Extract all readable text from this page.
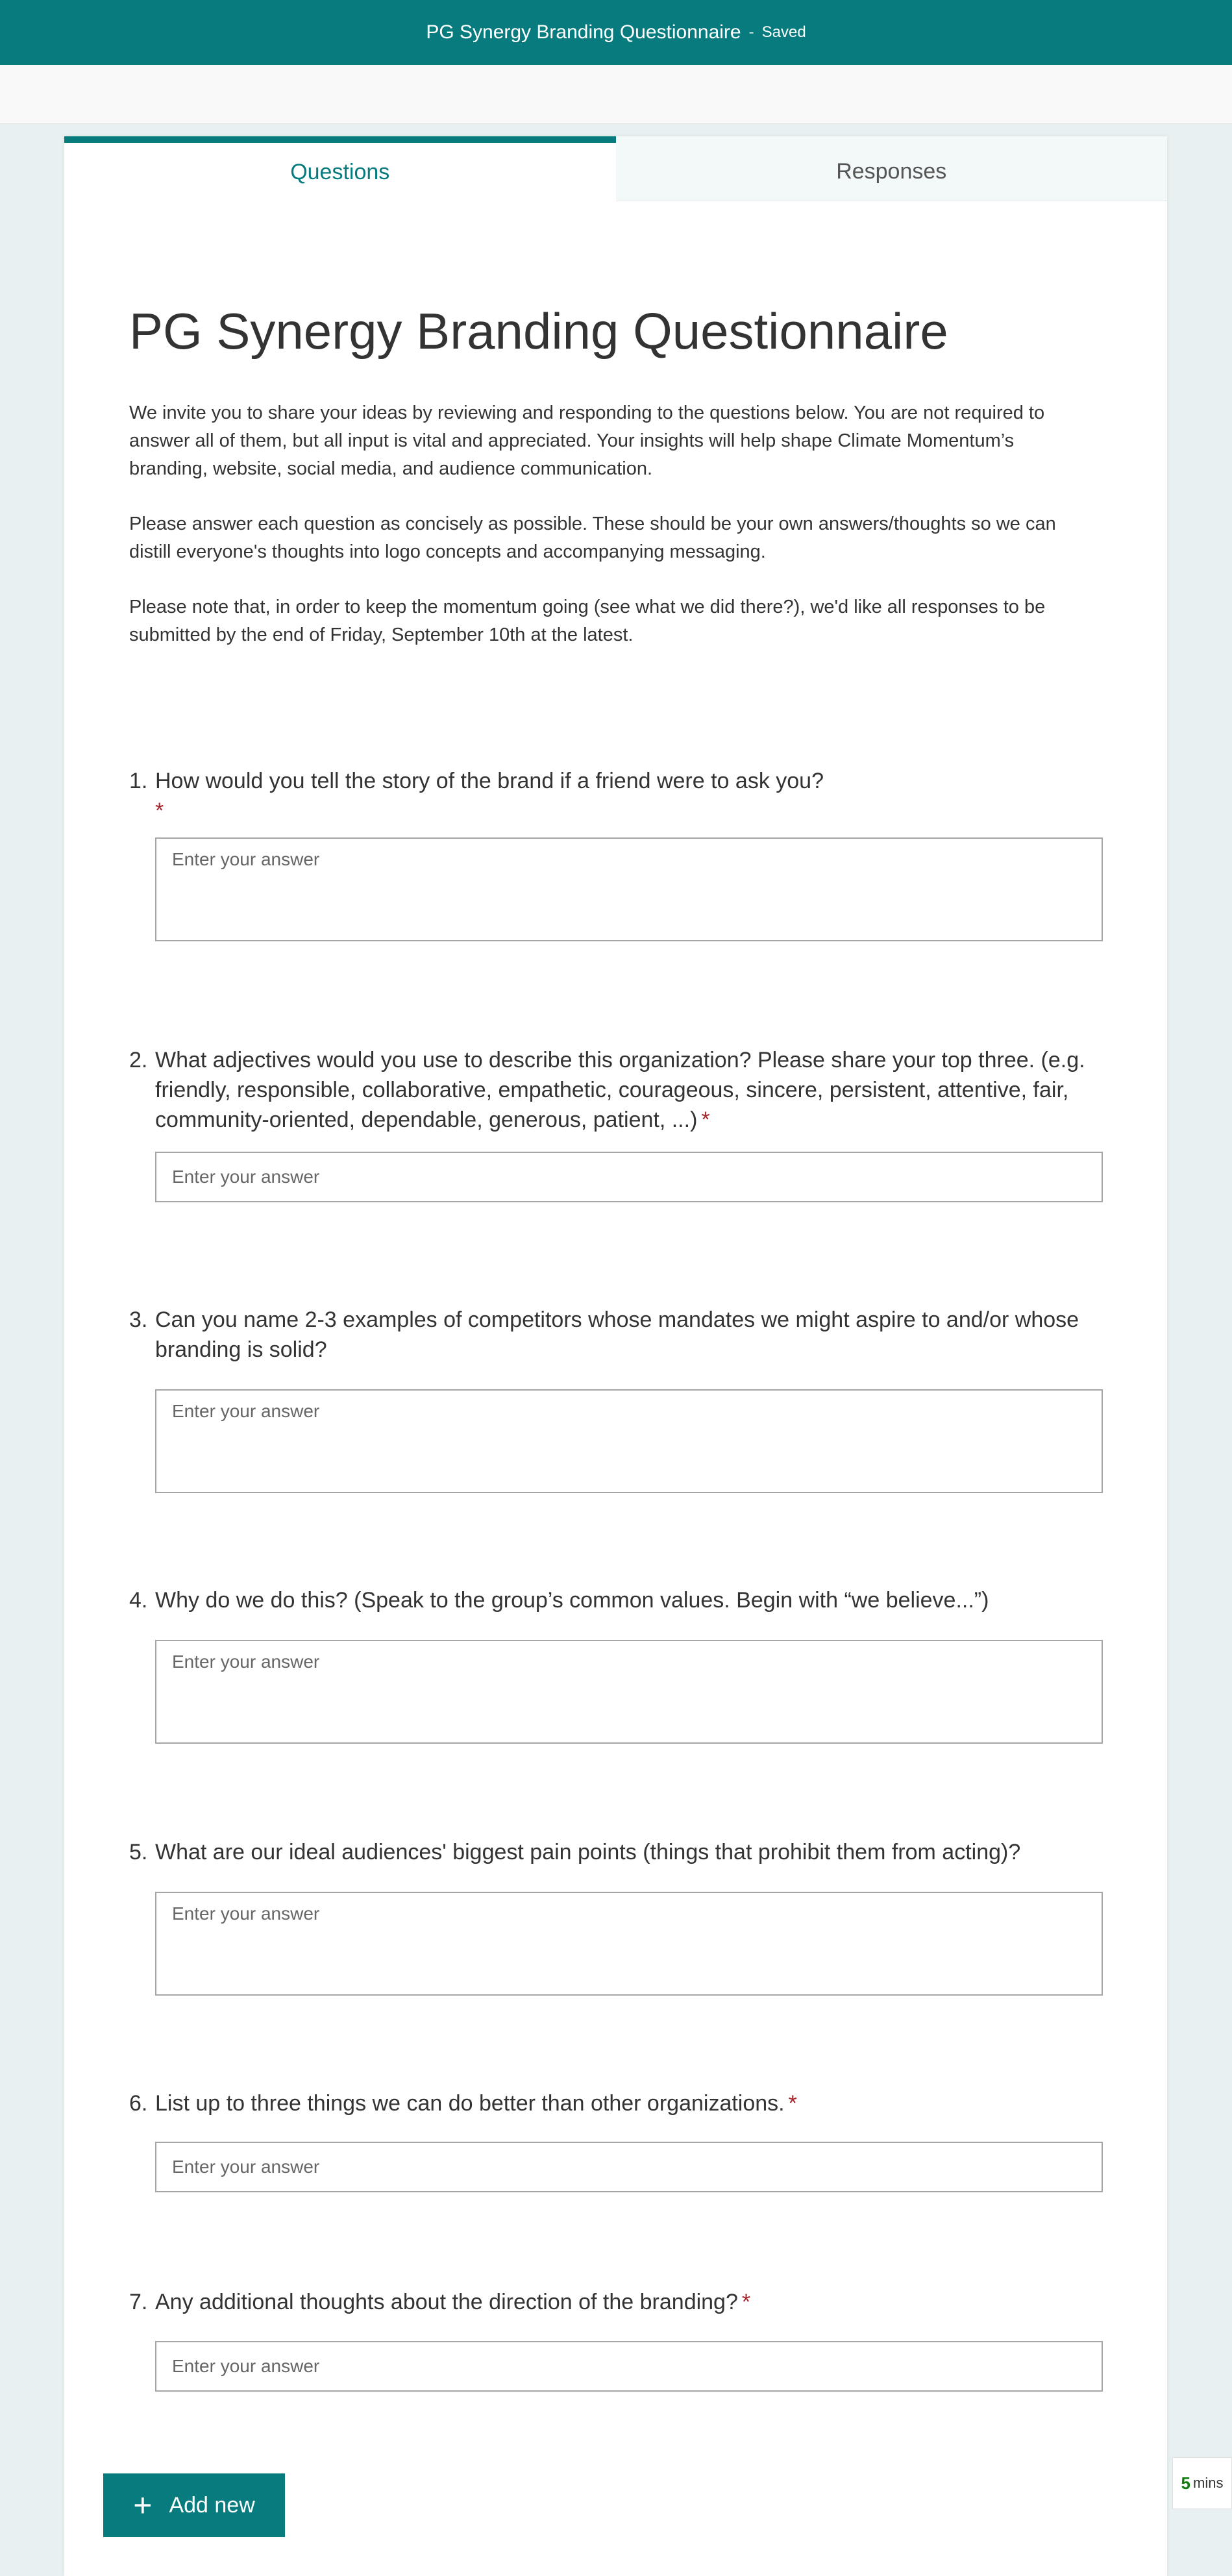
PG Synergy Branding Questionnaire - Saved
Questions	Responses
PG Synergy Branding Questionnaire

We invite you to share your ideas by reviewing and responding to the questions below. You are not required to answer all of them, but all input is vital and appreciated. Your insights will help shape Climate Momentum’s branding, website, social media, and audience communication.

Please answer each question as concisely as possible. These should be your own answers/thoughts so we can distill everyone's thoughts into logo concepts and accompanying messaging.

Please note that, in order to keep the momentum going (see what we did there?), we'd like all responses to be submitted by the end of Friday, September 10th at the latest.

1. How would you tell the story of the brand if a friend were to ask you?
*
Enter your answer
2. What adjectives would you use to describe this organization? Please share your top three. (e.g. friendly, responsible, collaborative, empathetic, courageous, sincere, persistent, attentive, fair, community-oriented, dependable, generous, patient, ...) *
Enter your answer
3. Can you name 2-3 examples of competitors whose mandates we might aspire to and/or whose branding is solid?
Enter your answer
4. Why do we do this? (Speak to the group’s common values. Begin with “we believe...”)
Enter your answer
5. What are our ideal audiences' biggest pain points (things that prohibit them from acting)?
Enter your answer
6. List up to three things we can do better than other organizations. *
Enter your answer
7. Any additional thoughts about the direction of the branding? *
Enter your answer
+ Add new
5 mins
